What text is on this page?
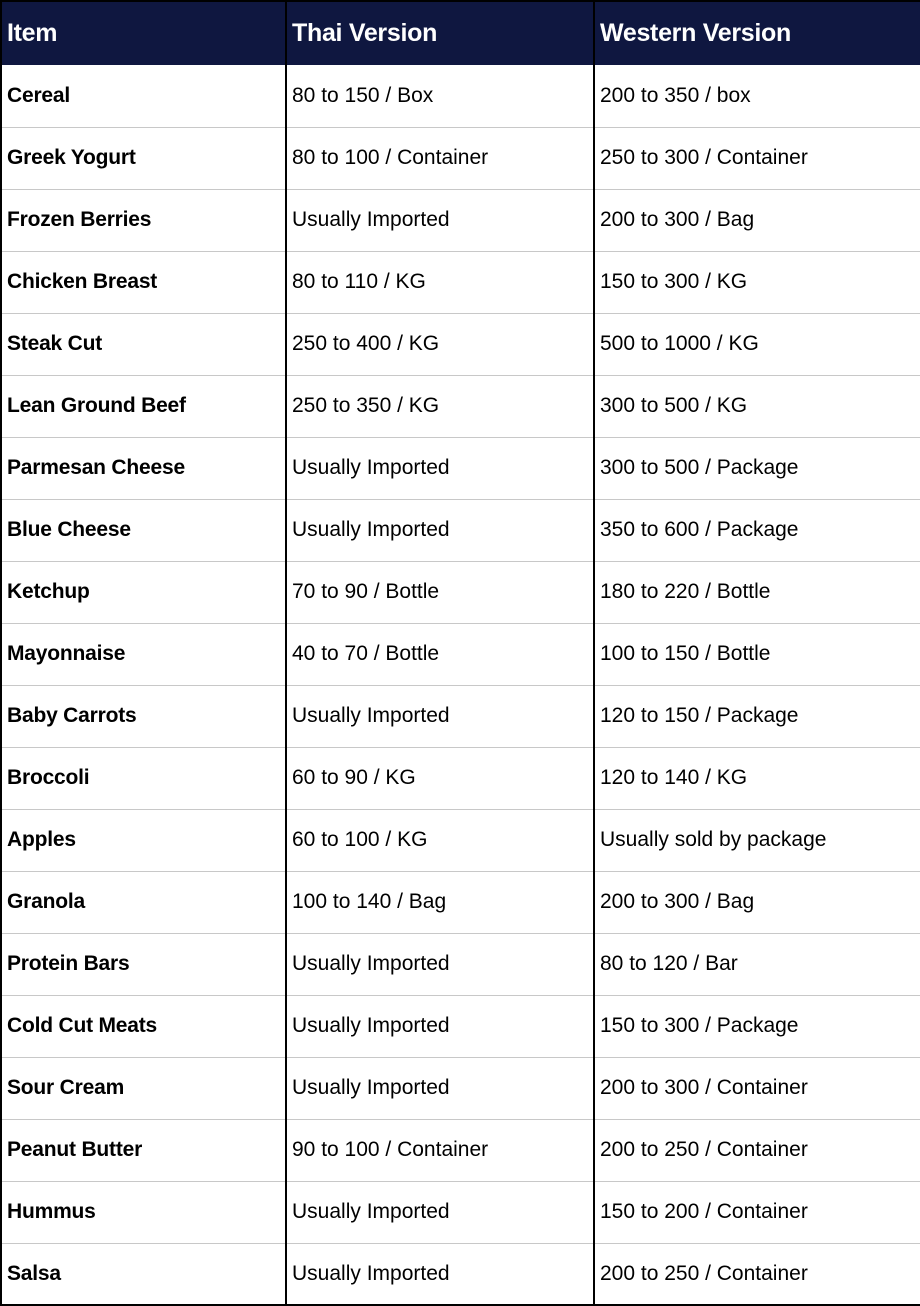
Item	Thai Version	Western Version
Cereal	80 to 150 / Box	200 to 350 / box
Greek Yogurt	80 to 100 / Container	250 to 300 / Container
Frozen Berries	Usually Imported	200 to 300 / Bag
Chicken Breast	80 to 110 / KG	150 to 300 / KG
Steak Cut	250 to 400 / KG	500 to 1000 / KG
Lean Ground Beef	250 to 350 / KG	300 to 500 / KG
Parmesan Cheese	Usually Imported	300 to 500 / Package
Blue Cheese	Usually Imported	350 to 600 / Package
Ketchup	70 to 90 / Bottle	180 to 220 / Bottle
Mayonnaise	40 to 70 / Bottle	100 to 150 / Bottle
Baby Carrots	Usually Imported	120 to 150 / Package
Broccoli	60 to 90 / KG	120 to 140 / KG
Apples	60 to 100 / KG	Usually sold by package
Granola	100 to 140 / Bag	200 to 300 / Bag
Protein Bars	Usually Imported	80 to 120 / Bar
Cold Cut Meats	Usually Imported	150 to 300 / Package
Sour Cream	Usually Imported	200 to 300 / Container
Peanut Butter	90 to 100 / Container	200 to 250 / Container
Hummus	Usually Imported	150 to 200 / Container
Salsa	Usually Imported	200 to 250 / Container
